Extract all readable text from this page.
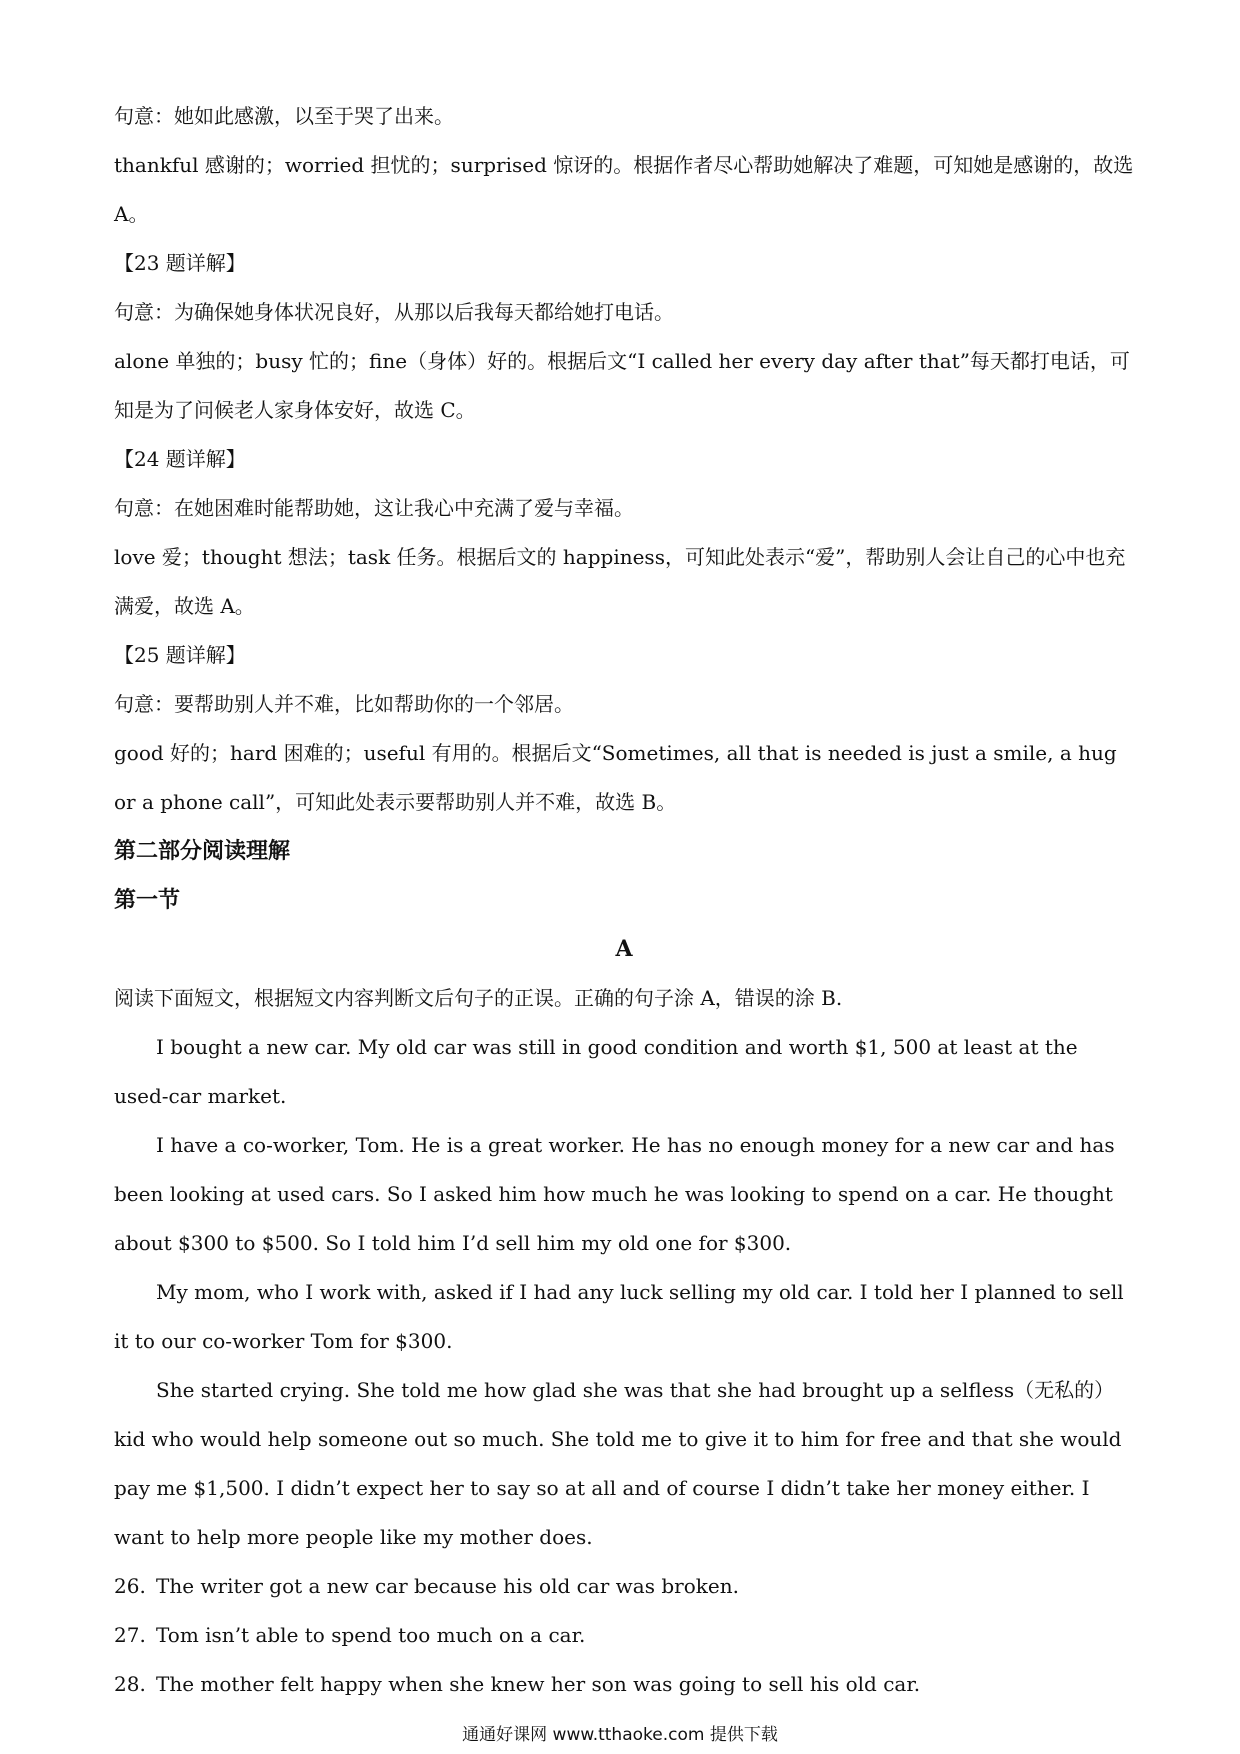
句意：她如此感激，以至于哭了出来。

thankful 感谢的；worried 担忧的；surprised 惊讶的。根据作者尽心帮助她解决了难题，可知她是感谢的，故选 A。

【23 题详解】

句意：为确保她身体状况良好，从那以后我每天都给她打电话。

alone 单独的；busy 忙的；fine（身体）好的。根据后文“I called her every day after that”每天都打电话，可知是为了问候老人家身体安好，故选 C。

【24 题详解】

句意：在她困难时能帮助她，这让我心中充满了爱与幸福。

love 爱；thought 想法；task 任务。根据后文的 happiness，可知此处表示“爱”，帮助别人会让自己的心中也充满爱，故选 A。

【25 题详解】

句意：要帮助别人并不难，比如帮助你的一个邻居。

good 好的；hard 困难的；useful 有用的。根据后文“Sometimes, all that is needed is just a smile, a hug or a phone call”，可知此处表示要帮助别人并不难，故选 B。

第二部分阅读理解

第一节

A

阅读下面短文，根据短文内容判断文后句子的正误。正确的句子涂 A，错误的涂 B.

I bought a new car. My old car was still in good condition and worth $1, 500 at least at the used-car market.

I have a co-worker, Tom. He is a great worker. He has no enough money for a new car and has been looking at used cars. So I asked him how much he was looking to spend on a car. He thought about $300 to $500. So I told him I’d sell him my old one for $300.

My mom, who I work with, asked if I had any luck selling my old car. I told her I planned to sell it to our co-worker Tom for $300.

She started crying. She told me how glad she was that she had brought up a selfless（无私的） kid who would help someone out so much. She told me to give it to him for free and that she would pay me $1,500. I didn’t expect her to say so at all and of course I didn’t take her money either. I want to help more people like my mother does.

26. The writer got a new car because his old car was broken.

27. Tom isn’t able to spend too much on a car.

28. The mother felt happy when she knew her son was going to sell his old car.

通通好课网 www.tthaoke.com 提供下载
